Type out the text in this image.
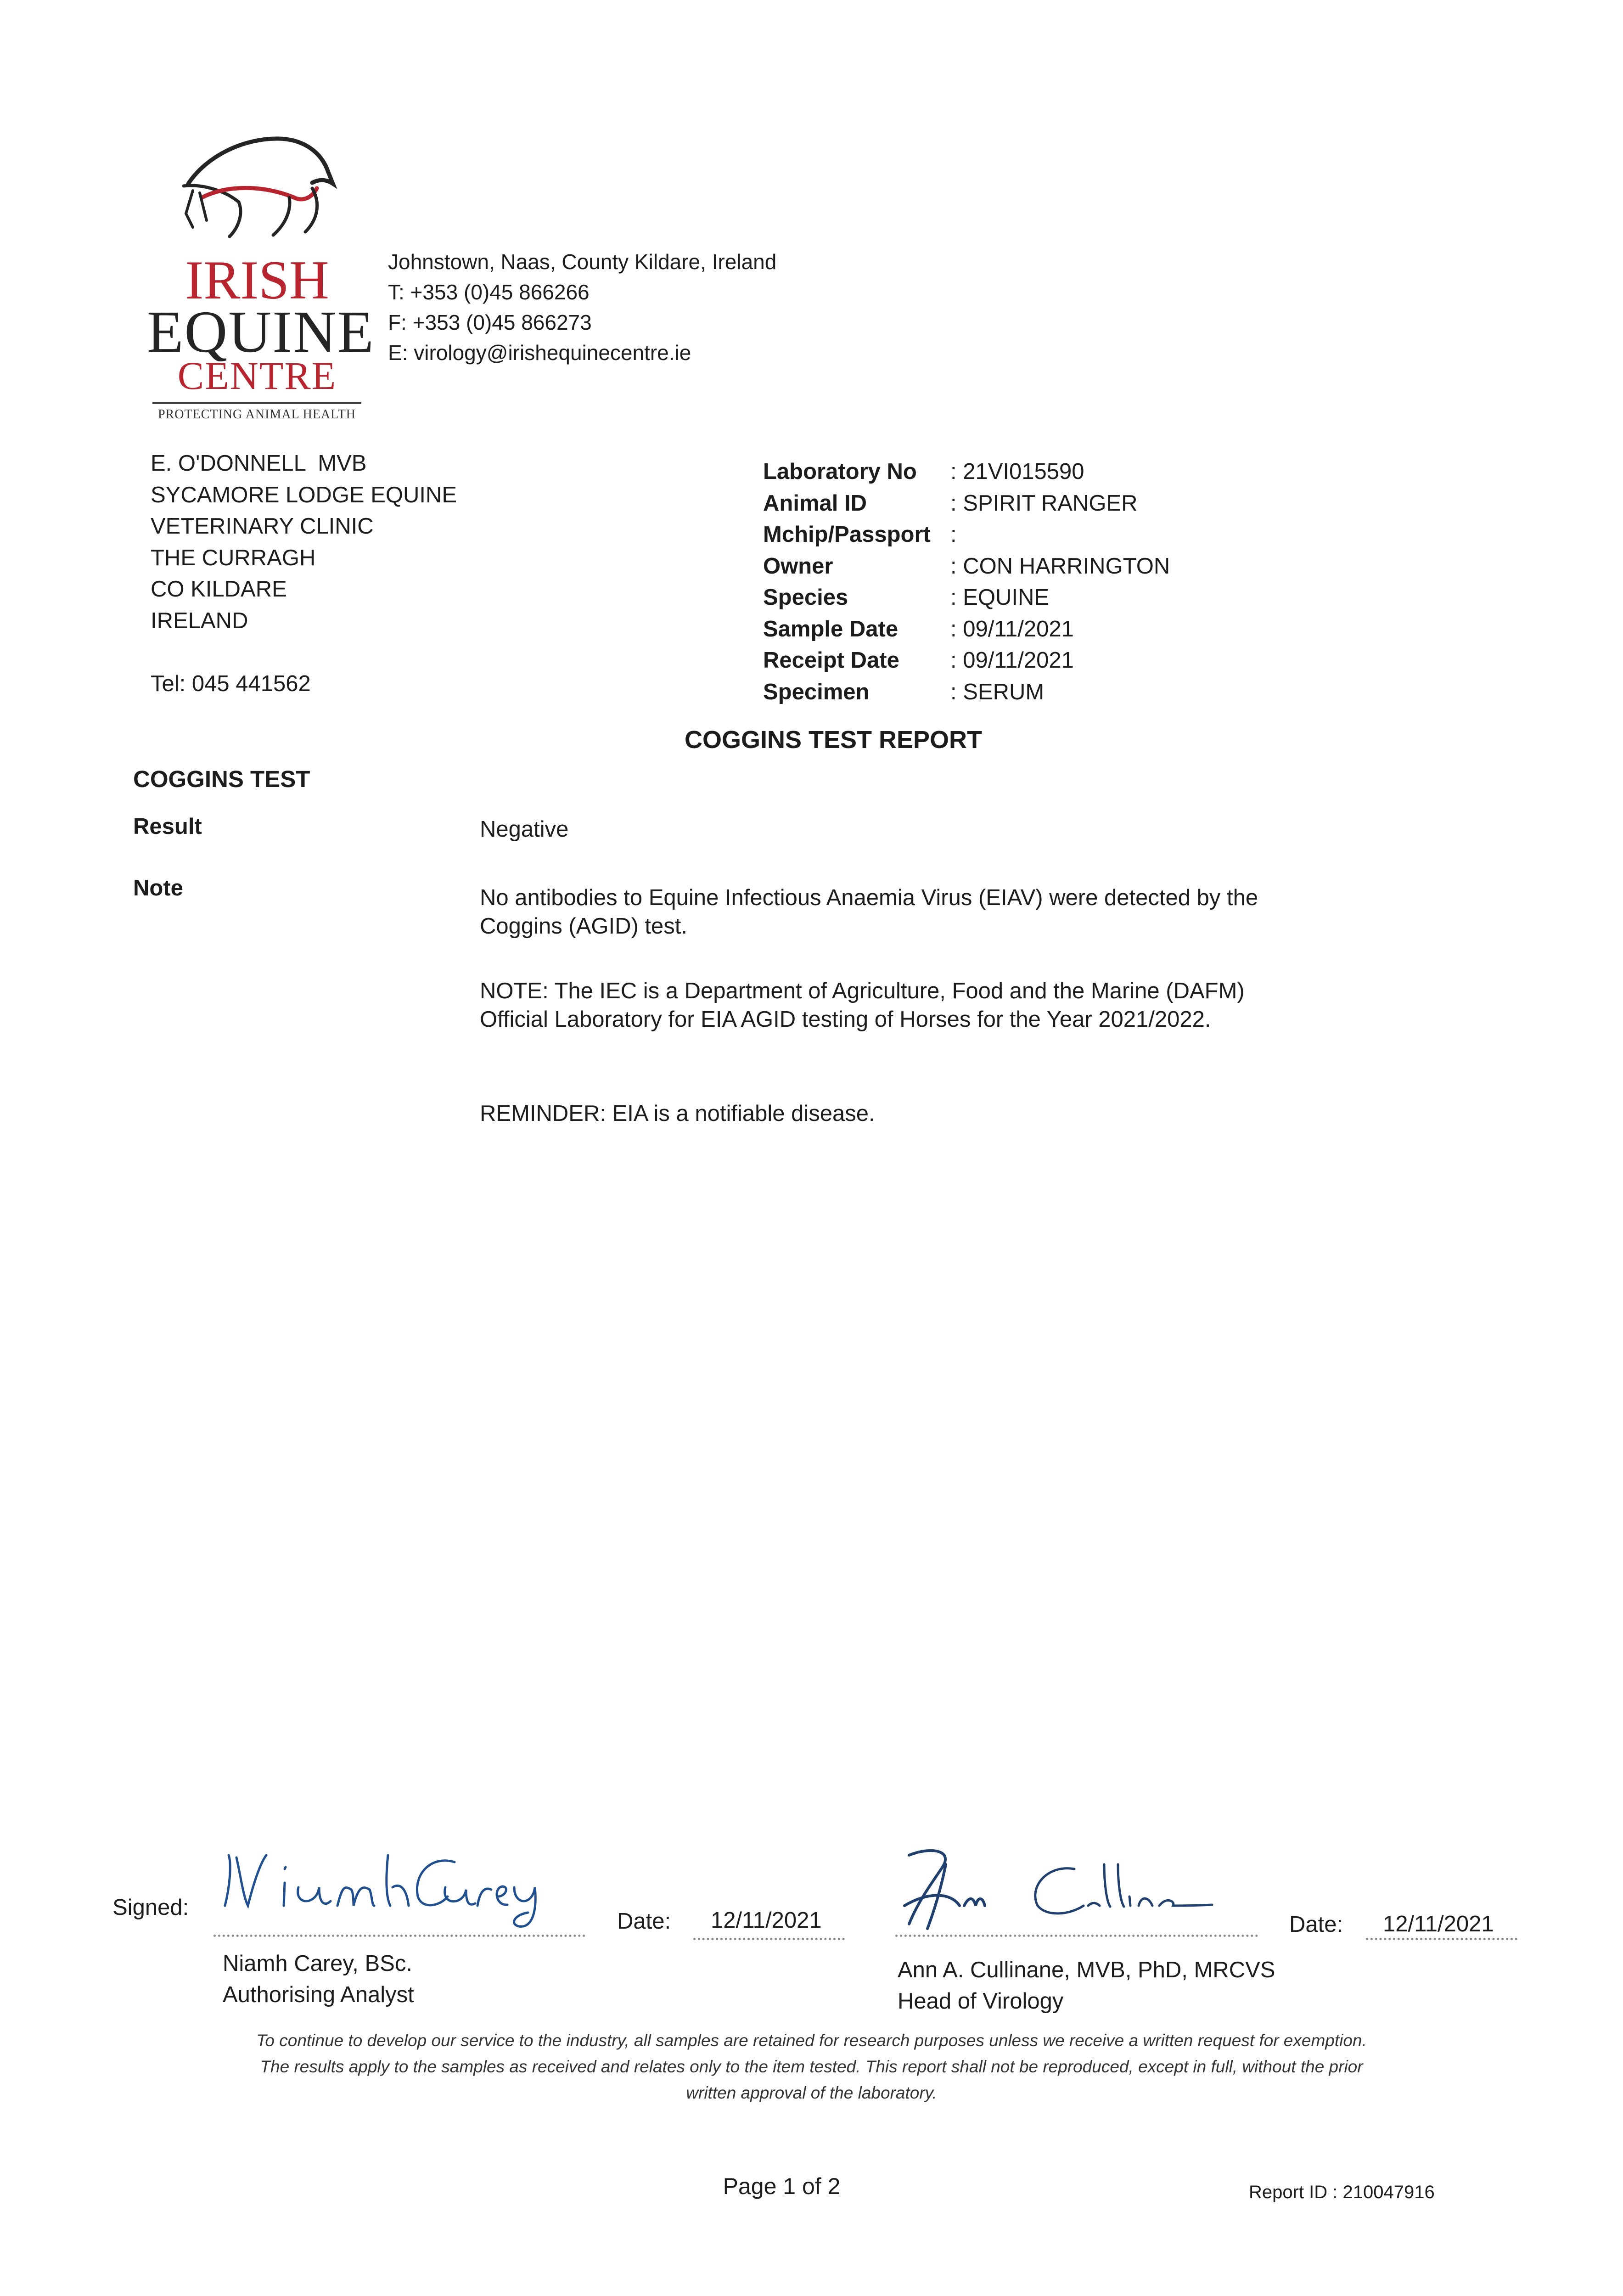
IRISH
EQUINE
CENTRE
PROTECTING ANIMAL HEALTH
Johnstown, Naas, County Kildare, Ireland
T: +353 (0)45 866266
F: +353 (0)45 866273
E: virology@irishequinecentre.ie
E. O'DONNELL  MVB
SYCAMORE LODGE EQUINE
VETERINARY CLINIC
THE CURRAGH
CO KILDARE
IRELAND
Tel: 045 441562
Laboratory No : 21VI015590
Animal ID	: SPIRIT RANGER
Mchip/Passport :
Owner	: CON HARRINGTON
Species	: EQUINE
Sample Date : 09/11/2021
Receipt Date : 09/11/2021
Specimen	: SERUM
COGGINS TEST REPORT
COGGINS TEST
Result	Negative
Note	No antibodies to Equine Infectious Anaemia Virus (EIAV) were detected by the Coggins (AGID) test.
NOTE: The IEC is a Department of Agriculture, Food and the Marine (DAFM) Official Laboratory for EIA AGID testing of Horses for the Year 2021/2022.
REMINDER: EIA is a notifiable disease.
Signed:
Date: 12/11/2021
Niamh Carey, BSc.
Authorising Analyst
Date: 12/11/2021
Ann A. Cullinane, MVB, PhD, MRCVS
Head of Virology
To continue to develop our service to the industry, all samples are retained for research purposes unless we receive a written request for exemption.
The results apply to the samples as received and relates only to the item tested. This report shall not be reproduced, except in full, without the prior
written approval of the laboratory.
Page 1 of 2	Report ID : 210047916
